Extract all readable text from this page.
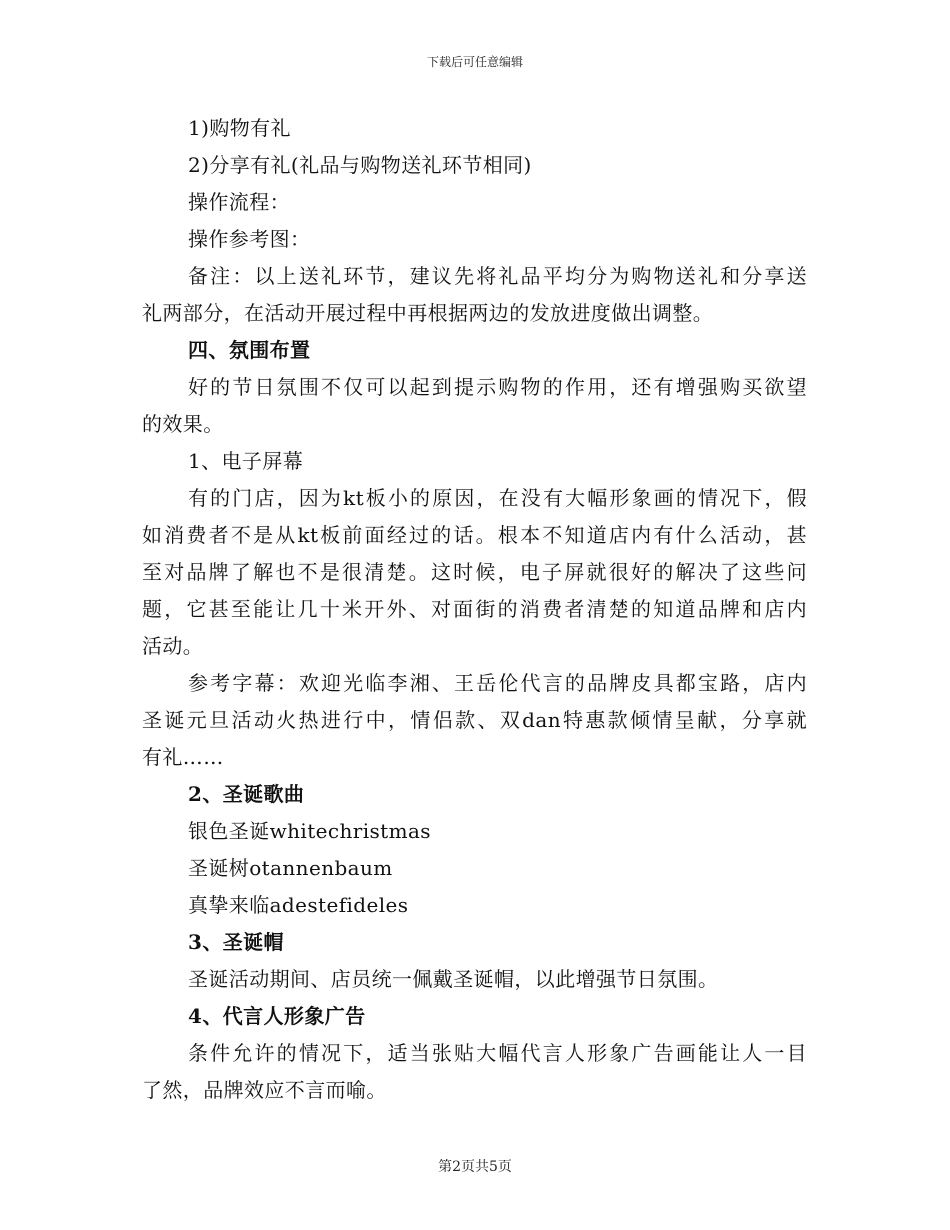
下载后可任意编辑
1)购物有礼
2)分享有礼(礼品与购物送礼环节相同)
操作流程：
操作参考图：
备注：以上送礼环节，建议先将礼品平均分为购物送礼和分享送
礼两部分，在活动开展过程中再根据两边的发放进度做出调整。
四、氛围布置
好的节日氛围不仅可以起到提示购物的作用，还有增强购买欲望
的效果。
1、电子屏幕
有的门店，因为kt板小的原因，在没有大幅形象画的情况下，假
如消费者不是从kt板前面经过的话。根本不知道店内有什么活动，甚
至对品牌了解也不是很清楚。这时候，电子屏就很好的解决了这些问
题，它甚至能让几十米开外、对面街的消费者清楚的知道品牌和店内
活动。
参考字幕：欢迎光临李湘、王岳伦代言的品牌皮具都宝路，店内
圣诞元旦活动火热进行中，情侣款、双dan特惠款倾情呈献，分享就
有礼……
2、圣诞歌曲
银色圣诞whitechristmas
圣诞树otannenbaum
真挚来临adestefideles
3、圣诞帽
圣诞活动期间、店员统一佩戴圣诞帽，以此增强节日氛围。
4、代言人形象广告
条件允许的情况下，适当张贴大幅代言人形象广告画能让人一目
了然，品牌效应不言而喻。
第2页共5页
